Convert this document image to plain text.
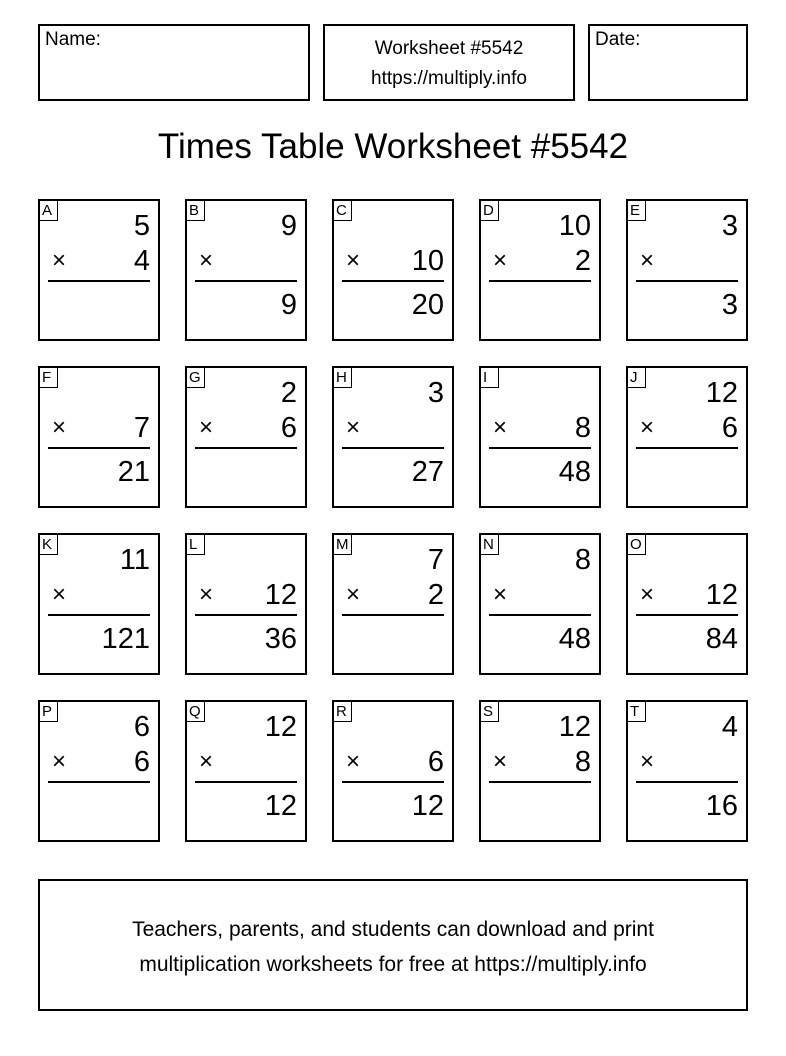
Name:	Worksheet #5542
https://multiply.info
Date:
Times Table Worksheet #5542
A	5
× 4
B	9
×
9
C
× 10
20
D 10
× 2
E	3
×
3
F
× 7
21
G	2
× 6
H	3
×
27
I
× 8
48
J 12
× 6
K 11
×
121
L
× 12
36
M	7
× 2
N	8
×
48
O
× 12
84
P	6
× 6
Q 12
×
12
R
× 6
12
S 12
× 8
T	4
×
16
Teachers, parents, and students can download and print
multiplication worksheets for free at https://multiply.info
